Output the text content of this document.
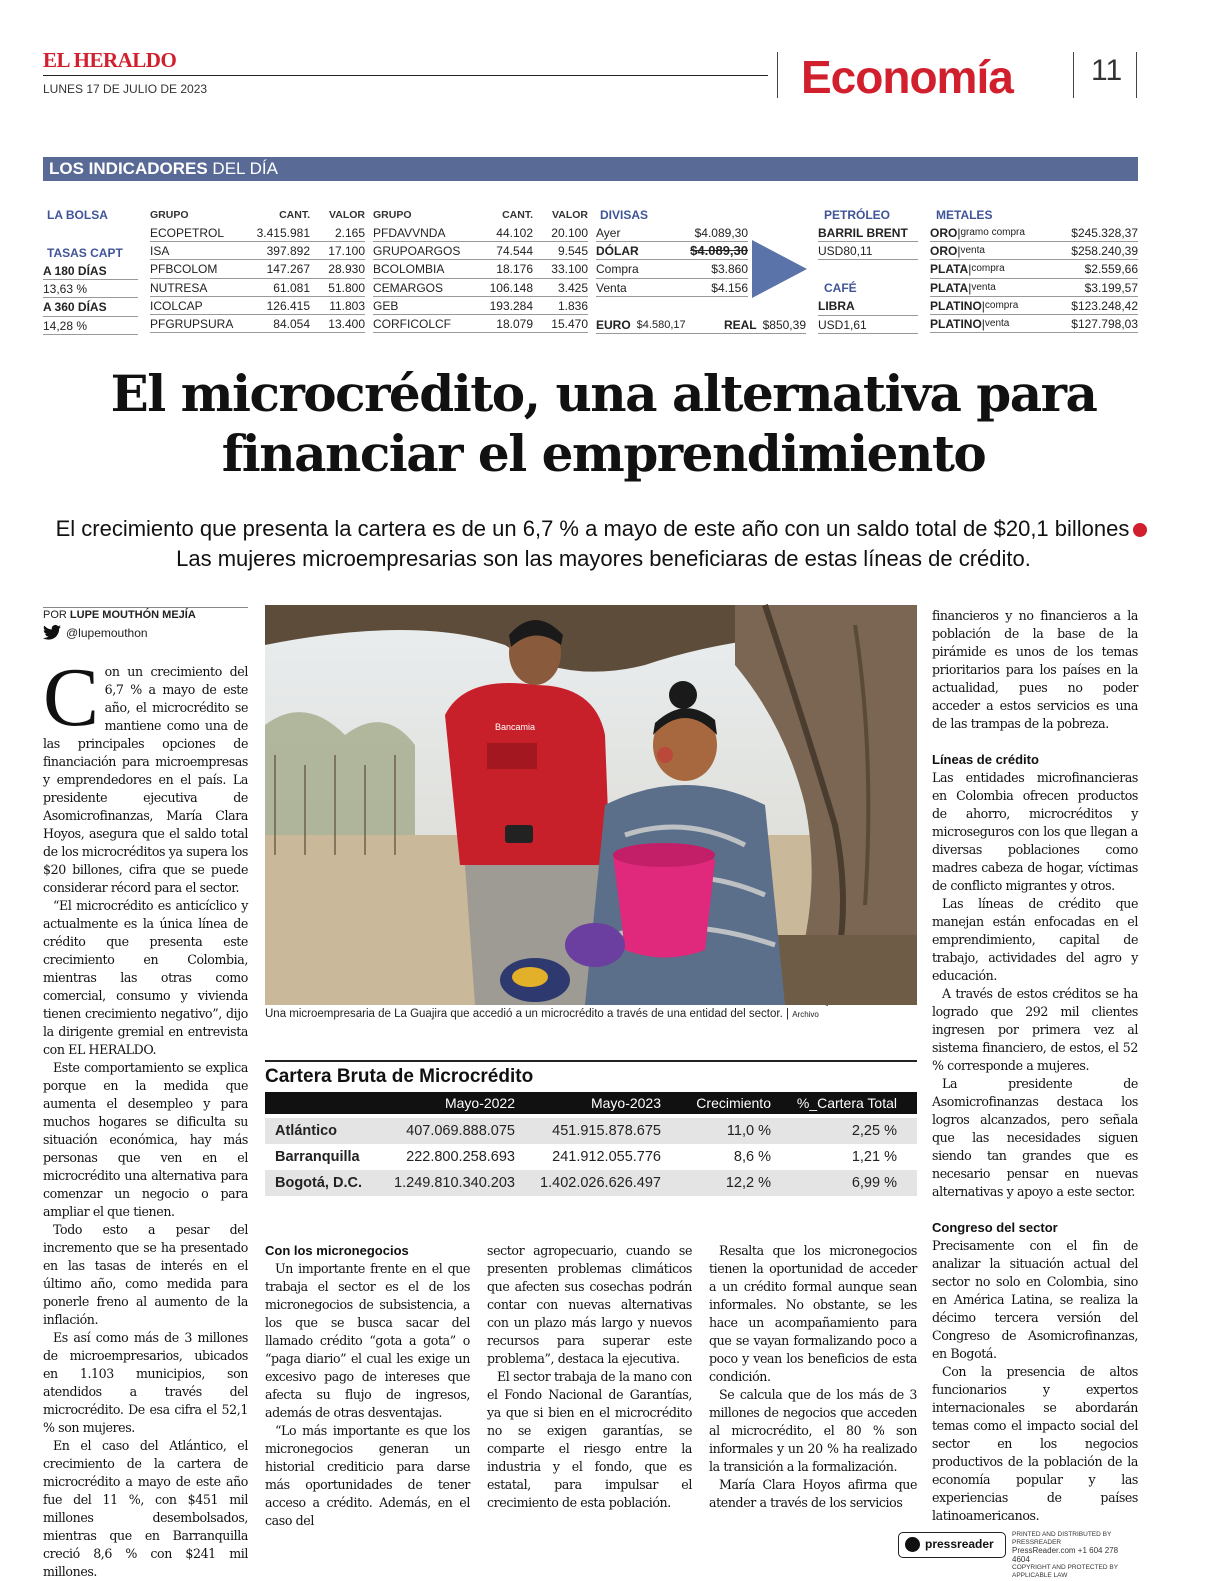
EL HERALDO
LUNES 17 DE JULIO DE 2023	Economía	11
LOS INDICADORES DEL DÍA
LA BOLSA
TASAS CAPT
A 180 DÍAS
13,63 %
A 360 DÍAS
14,28 %
GRUPO	CANT.	VALOR
ECOPETROL	3.415.981	2.165
ISA	397.892	17.100
PFBCOLOM	147.267	28.930
NUTRESA	61.081	51.800
ICOLCAP	126.415	11.803
PFGRUPSURA	84.054	13.400
GRUPO	CANT.	VALOR
PFDAVVNDA	44.102	20.100
GRUPOARGOS	74.544	9.545
BCOLOMBIA	18.176	33.100
CEMARGOS	106.148	3.425
GEB	193.284	1.836
CORFICOLCF	18.079	15.470
DIVISAS
Ayer	$4.089,30
DÓLAR	$4.089,30
Compra	$3.860
Venta	$4.156
EURO $4.580,17	REAL $850,39
PETRÓLEO
BARRIL BRENT
USD80,11
CAFÉ
LIBRA
USD1,61
METALES
ORO | gramo compra	$245.328,37
ORO | venta	$258.240,39
PLATA | compra	$2.559,66
PLATA | venta	$3.199,57
PLATINO | compra	$123.248,42
PLATINO | venta	$127.798,03
El microcrédito, una alternativa para
financiar el emprendimiento
El crecimiento que presenta la cartera es de un 6,7 % a mayo de este año con un saldo total de $20,1 billonesLas mujeres microempresarias son las mayores beneficiaras de estas líneas de crédito.
POR LUPE MOUTHÓN MEJÍA
@lupemouthon

Con un crecimiento del 6,7 % a mayo de este año, el microcrédito se mantiene como una de las principales opciones de financiación para microempresas y emprendedores en el país. La presidente ejecutiva de Asomicrofinanzas, María Clara Hoyos, asegura que el saldo total de los microcréditos ya supera los $20 billones, cifra que se puede considerar récord para el sector.

“El microcrédito es anticíclico y actualmente es la única línea de crédito que presenta este crecimiento en Colombia, mientras las otras como comercial, consumo y vivienda tienen crecimiento negativo”, dijo la dirigente gremial en entrevista con EL HERALDO.

Este comportamiento se explica porque en la medida que aumenta el desempleo y para muchos hogares se dificulta su situación económica, hay más personas que ven en el microcrédito una alternativa para comenzar un negocio o para ampliar el que tienen.

Todo esto a pesar del incremento que se ha presentado en las tasas de interés en el último año, como medida para ponerle freno al aumento de la inflación.

Es así como más de 3 millones de microempresarios, ubicados en 1.103 municipios, son atendidos a través del microcrédito. De esa cifra el 52,1 % son mujeres.

En el caso del Atlántico, el crecimiento de la cartera de microcrédito a mayo de este año fue del 11 %, con $451 mil millones desembolsados, mientras que en Barranquilla creció 8,6 % con $241 mil millones.

Bancamia
Una microempresaria de La Guajira que accedió a un microcrédito a través de una entidad del sector. | Archivo
Cartera Bruta de Microcrédito
Mayo-2022	Mayo-2023	Crecimiento	%_Cartera Total
Atlántico	407.069.888.075	451.915.878.675	11,0 %	2,25 %
Barranquilla	222.800.258.693	241.912.055.776	8,6 %	1,21 %
Bogotá, D.C.	1.249.810.340.203	1.402.026.626.497	12,2 %	6,99 %
Con los micronegocios

Un importante frente en el que trabaja el sector es el de los micronegocios de subsistencia, a los que se busca sacar del llamado crédito “gota a gota” o “paga diario” el cual les exige un excesivo pago de intereses que afecta su flujo de ingresos, además de otras desventajas.

“Lo más importante es que los micronegocios generan un historial crediticio para darse más oportunidades de tener acceso a crédito. Además, en el caso del

sector agropecuario, cuando se presenten problemas climáticos que afecten sus cosechas podrán contar con nuevas alternativas con un plazo más largo y nuevos recursos para superar este problema”, destaca la ejecutiva.

El sector trabaja de la mano con el Fondo Nacional de Garantías, ya que si bien en el microcrédito no se exigen garantías, se comparte el riesgo entre la industria y el fondo, que es estatal, para impulsar el crecimiento de esta población.

Resalta que los micronegocios tienen la oportunidad de acceder a un crédito formal aunque sean informales. No obstante, se les hace un acompañamiento para que se vayan formalizando poco a poco y vean los beneficios de esta condición.

Se calcula que de los más de 3 millones de negocios que acceden al microcrédito, el 80 % son informales y un 20 % ha realizado la transición a la formalización.

María Clara Hoyos afirma que atender a través de los servicios

financieros y no financieros a la población de la base de la pirámide es unos de los temas prioritarios para los países en la actualidad, pues no poder acceder a estos servicios es una de las trampas de la pobreza.

Líneas de crédito

Las entidades microfinancieras en Colombia ofrecen productos de ahorro, microcréditos y microseguros con los que llegan a diversas poblaciones como madres cabeza de hogar, víctimas de conflicto migrantes y otros.

Las líneas de crédito que manejan están enfocadas en el emprendimiento, capital de trabajo, actividades del agro y educación.

A través de estos créditos se ha logrado que 292 mil clientes ingresen por primera vez al sistema financiero, de estos, el 52 % corresponde a mujeres.

La presidente de Asomicrofinanzas destaca los logros alcanzados, pero señala que las necesidades siguen siendo tan grandes que es necesario pensar en nuevas alternativas y apoyo a este sector.

Congreso del sector

Precisamente con el fin de analizar la situación actual del sector no solo en Colombia, sino en América Latina, se realiza la décimo tercera versión del Congreso de Asomicrofinanzas, en Bogotá.

Con la presencia de altos funcionarios y expertos internacionales se abordarán temas como el impacto social del sector en los negocios productivos de la población de la economía popular y las experiencias de países latinoamericanos.

pressreader
PRINTED AND DISTRIBUTED BY PRESSREADER
PressReader.com +1 604 278 4604
COPYRIGHT AND PROTECTED BY APPLICABLE LAW
